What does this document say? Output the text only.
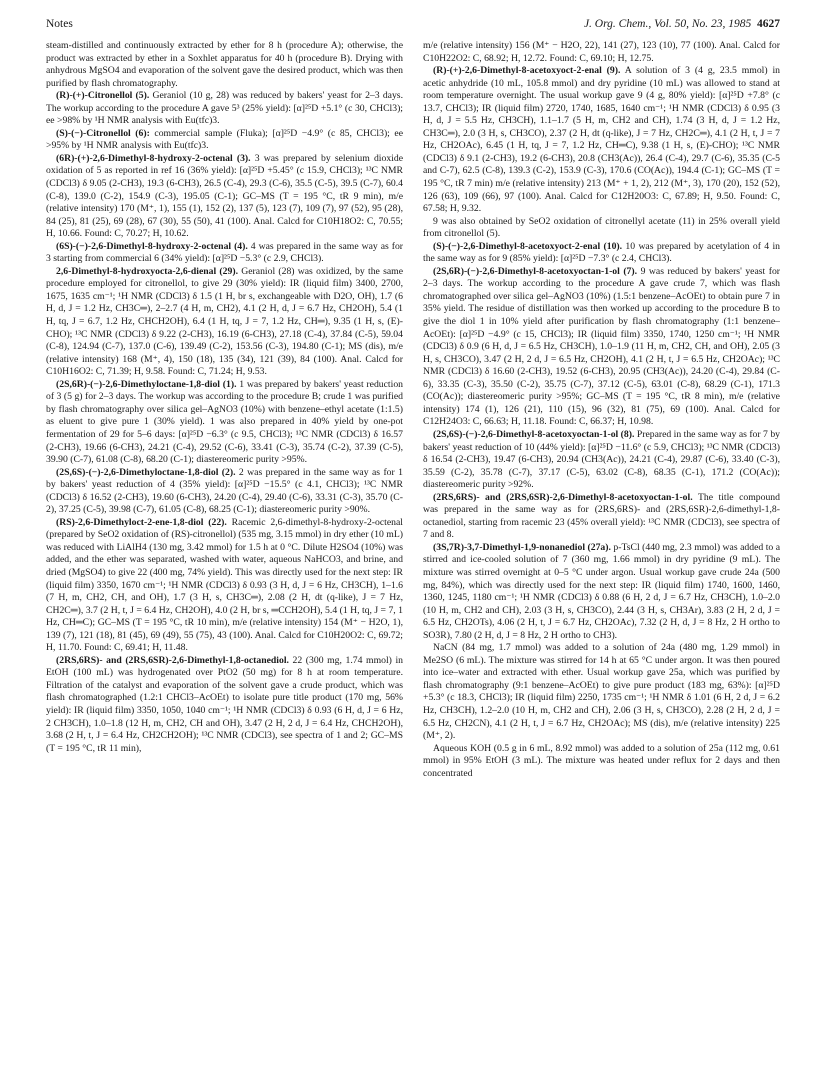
Notes	J. Org. Chem., Vol. 50, No. 23, 1985 4627

steam-distilled and continuously extracted by ether for 8 h (procedure A); otherwise, the product was extracted by ether in a Soxhlet apparatus for 40 h (procedure B). Drying with anhydrous MgSO4 and evaporation of the solvent gave the desired product, which was then purified by flash chromatography.

(R)-(+)-Citronellol (5). Geraniol (10 g, 28) was reduced by bakers' yeast for 2–3 days. The workup according to the procedure A gave 5³ (25% yield): [α]²⁵D +5.1° (c 30, CHCl3); ee >98% by ¹H NMR analysis with Eu(tfc)3.

(S)-(−)-Citronellol (6): commercial sample (Fluka); [α]²⁵D −4.9° (c 85, CHCl3); ee >95% by ¹H NMR analysis with Eu(tfc)3.

(6R)-(+)-2,6-Dimethyl-8-hydroxy-2-octenal (3). 3 was prepared by selenium dioxide oxidation of 5 as reported in ref 16 (36% yield): [α]²⁵D +5.45° (c 15.9, CHCl3); ¹³C NMR (CDCl3) δ 9.05 (2-CH3), 19.3 (6-CH3), 26.5 (C-4), 29.3 (C-6), 35.5 (C-5), 39.5 (C-7), 60.4 (C-8), 139.0 (C-2), 154.9 (C-3), 195.05 (C-1); GC–MS (T = 195 °C, tR 9 min), m/e (relative intensity) 170 (M⁺, 1), 155 (1), 152 (2), 137 (5), 123 (7), 109 (7), 97 (52), 95 (28), 84 (25), 81 (25), 69 (28), 67 (30), 55 (50), 41 (100). Anal. Calcd for C10H18O2: C, 70.55; H, 10.66. Found: C, 70.27; H, 10.62.

(6S)-(−)-2,6-Dimethyl-8-hydroxy-2-octenal (4). 4 was prepared in the same way as for 3 starting from commercial 6 (34% yield): [α]²⁵D −5.3° (c 2.9, CHCl3).

2,6-Dimethyl-8-hydroxyocta-2,6-dienal (29). Geraniol (28) was oxidized, by the same procedure employed for citronellol, to give 29 (30% yield): IR (liquid film) 3400, 2700, 1675, 1635 cm⁻¹; ¹H NMR (CDCl3) δ 1.5 (1 H, br s, exchangeable with D2O, OH), 1.7 (6 H, d, J = 1.2 Hz, CH3C═), 2–2.7 (4 H, m, CH2), 4.1 (2 H, d, J = 6.7 Hz, CH2OH), 5.4 (1 H, tq, J = 6.7, 1.2 Hz, CHCH2OH), 6.4 (1 H, tq, J = 7, 1.2 Hz, CH═), 9.35 (1 H, s, (E)-CHO); ¹³C NMR (CDCl3) δ 9.22 (2-CH3), 16.19 (6-CH3), 27.18 (C-4), 37.84 (C-5), 59.04 (C-8), 124.94 (C-7), 137.0 (C-6), 139.49 (C-2), 153.56 (C-3), 194.80 (C-1); MS (dis), m/e (relative intensity) 168 (M⁺, 4), 150 (18), 135 (34), 121 (39), 84 (100). Anal. Calcd for C10H16O2: C, 71.39; H, 9.58. Found: C, 71.24; H, 9.53.

(2S,6R)-(−)-2,6-Dimethyloctane-1,8-diol (1). 1 was prepared by bakers' yeast reduction of 3 (5 g) for 2–3 days. The workup was according to the procedure B; crude 1 was purified by flash chromatography over silica gel–AgNO3 (10%) with benzene–ethyl acetate (1:1.5) as eluent to give pure 1 (30% yield). 1 was also prepared in 40% yield by one-pot fermentation of 29 for 5–6 days: [α]²⁵D −6.3° (c 9.5, CHCl3); ¹³C NMR (CDCl3) δ 16.57 (2-CH3), 19.66 (6-CH3), 24.21 (C-4), 29.52 (C-6), 33.41 (C-3), 35.74 (C-2), 37.39 (C-5), 39.90 (C-7), 61.08 (C-8), 68.20 (C-1); diastereomeric purity >95%.

(2S,6S)-(−)-2,6-Dimethyloctane-1,8-diol (2). 2 was prepared in the same way as for 1 by bakers' yeast reduction of 4 (35% yield): [α]²⁵D −15.5° (c 4.1, CHCl3); ¹³C NMR (CDCl3) δ 16.52 (2-CH3), 19.60 (6-CH3), 24.20 (C-4), 29.40 (C-6), 33.31 (C-3), 35.70 (C-2), 37.25 (C-5), 39.98 (C-7), 61.05 (C-8), 68.25 (C-1); diastereomeric purity >90%.

(RS)-2,6-Dimethyloct-2-ene-1,8-diol (22). Racemic 2,6-dimethyl-8-hydroxy-2-octenal (prepared by SeO2 oxidation of (RS)-citronellol) (535 mg, 3.15 mmol) in dry ether (10 mL) was reduced with LiAlH4 (130 mg, 3.42 mmol) for 1.5 h at 0 °C. Dilute H2SO4 (10%) was added, and the ether was separated, washed with water, aqueous NaHCO3, and brine, and dried (MgSO4) to give 22 (400 mg, 74% yield). This was directly used for the next step: IR (liquid film) 3350, 1670 cm⁻¹; ¹H NMR (CDCl3) δ 0.93 (3 H, d, J = 6 Hz, CH3CH), 1–1.6 (7 H, m, CH2, CH, and OH), 1.7 (3 H, s, CH3C═), 2.08 (2 H, dt (q-like), J = 7 Hz, CH2C═), 3.7 (2 H, t, J = 6.4 Hz, CH2OH), 4.0 (2 H, br s, ═CCH2OH), 5.4 (1 H, tq, J = 7, 1 Hz, CH═C); GC–MS (T = 195 °C, tR 10 min), m/e (relative intensity) 154 (M⁺ − H2O, 1), 139 (7), 121 (18), 81 (45), 69 (49), 55 (75), 43 (100). Anal. Calcd for C10H20O2: C, 69.72; H, 11.70. Found: C, 69.41; H, 11.48.

(2RS,6RS)- and (2RS,6SR)-2,6-Dimethyl-1,8-octanediol. 22 (300 mg, 1.74 mmol) in EtOH (100 mL) was hydrogenated over PtO2 (50 mg) for 8 h at room temperature. Filtration of the catalyst and evaporation of the solvent gave a crude product, which was flash chromatographed (1.2:1 CHCl3–AcOEt) to isolate pure title product (170 mg, 56% yield): IR (liquid film) 3350, 1050, 1040 cm⁻¹; ¹H NMR (CDCl3) δ 0.93 (6 H, d, J = 6 Hz, 2 CH3CH), 1.0–1.8 (12 H, m, CH2, CH and OH), 3.47 (2 H, 2 d, J = 6.4 Hz, CHCH2OH), 3.68 (2 H, t, J = 6.4 Hz, CH2CH2OH); ¹³C NMR (CDCl3), see spectra of 1 and 2; GC–MS (T = 195 °C, tR 11 min),

m/e (relative intensity) 156 (M⁺ − H2O, 22), 141 (27), 123 (10), 77 (100). Anal. Calcd for C10H22O2: C, 68.92; H, 12.72. Found: C, 69.10; H, 12.75.

(R)-(+)-2,6-Dimethyl-8-acetoxyoct-2-enal (9). A solution of 3 (4 g, 23.5 mmol) in acetic anhydride (10 mL, 105.8 mmol) and dry pyridine (10 mL) was allowed to stand at room temperature overnight. The usual workup gave 9 (4 g, 80% yield): [α]²⁵D +7.8° (c 13.7, CHCl3); IR (liquid film) 2720, 1740, 1685, 1640 cm⁻¹; ¹H NMR (CDCl3) δ 0.95 (3 H, d, J = 5.5 Hz, CH3CH), 1.1–1.7 (5 H, m, CH2 and CH), 1.74 (3 H, d, J = 1.2 Hz, CH3C═), 2.0 (3 H, s, CH3CO), 2.37 (2 H, dt (q-like), J = 7 Hz, CH2C═), 4.1 (2 H, t, J = 7 Hz, CH2OAc), 6.45 (1 H, tq, J = 7, 1.2 Hz, CH═C), 9.38 (1 H, s, (E)-CHO); ¹³C NMR (CDCl3) δ 9.1 (2-CH3), 19.2 (6-CH3), 20.8 (CH3(Ac)), 26.4 (C-4), 29.7 (C-6), 35.35 (C-5 and C-7), 62.5 (C-8), 139.3 (C-2), 153.9 (C-3), 170.6 (CO(Ac)), 194.4 (C-1); GC–MS (T = 195 °C, tR 7 min) m/e (relative intensity) 213 (M⁺ + 1, 2), 212 (M⁺, 3), 170 (20), 152 (52), 126 (63), 109 (66), 97 (100). Anal. Calcd for C12H20O3: C, 67.89; H, 9.50. Found: C, 67.58; H, 9.32.

9 was also obtained by SeO2 oxidation of citronellyl acetate (11) in 25% overall yield from citronellol (5).

(S)-(−)-2,6-Dimethyl-8-acetoxyoct-2-enal (10). 10 was prepared by acetylation of 4 in the same way as for 9 (85% yield): [α]²⁵D −7.3° (c 2.4, CHCl3).

(2S,6R)-(−)-2,6-Dimethyl-8-acetoxyoctan-1-ol (7). 9 was reduced by bakers' yeast for 2–3 days. The workup according to the procedure A gave crude 7, which was flash chromatographed over silica gel–AgNO3 (10%) (1.5:1 benzene–AcOEt) to obtain pure 7 in 35% yield. The residue of distillation was then worked up according to the procedure B to give the diol 1 in 10% yield after purification by flash chromatography (1:1 benzene–AcOEt): [α]²⁵D −4.9° (c 15, CHCl3); IR (liquid film) 3350, 1740, 1250 cm⁻¹; ¹H NMR (CDCl3) δ 0.9 (6 H, d, J = 6.5 Hz, CH3CH), 1.0–1.9 (11 H, m, CH2, CH, and OH), 2.05 (3 H, s, CH3CO), 3.47 (2 H, 2 d, J = 6.5 Hz, CH2OH), 4.1 (2 H, t, J = 6.5 Hz, CH2OAc); ¹³C NMR (CDCl3) δ 16.60 (2-CH3), 19.52 (6-CH3), 20.95 (CH3(Ac)), 24.20 (C-4), 29.84 (C-6), 33.35 (C-3), 35.50 (C-2), 35.75 (C-7), 37.12 (C-5), 63.01 (C-8), 68.29 (C-1), 171.3 (CO(Ac)); diastereomeric purity >95%; GC–MS (T = 195 °C, tR 8 min), m/e (relative intensity) 174 (1), 126 (21), 110 (15), 96 (32), 81 (75), 69 (100). Anal. Calcd for C12H24O3: C, 66.63; H, 11.18. Found: C, 66.37; H, 10.98.

(2S,6S)-(−)-2,6-Dimethyl-8-acetoxyoctan-1-ol (8). Prepared in the same way as for 7 by bakers' yeast reduction of 10 (44% yield): [α]²⁵D −11.6° (c 5.9, CHCl3); ¹³C NMR (CDCl3) δ 16.54 (2-CH3), 19.47 (6-CH3), 20.94 (CH3(Ac)), 24.21 (C-4), 29.87 (C-6), 33.40 (C-3), 35.59 (C-2), 35.78 (C-7), 37.17 (C-5), 63.02 (C-8), 68.35 (C-1), 171.2 (CO(Ac)); diastereomeric purity >92%.

(2RS,6RS)- and (2RS,6SR)-2,6-Dimethyl-8-acetoxyoctan-1-ol. The title compound was prepared in the same way as for (2RS,6RS)- and (2RS,6SR)-2,6-dimethyl-1,8-octanediol, starting from racemic 23 (45% overall yield): ¹³C NMR (CDCl3), see spectra of 7 and 8.

(3S,7R)-3,7-Dimethyl-1,9-nonanediol (27a). p-TsCl (440 mg, 2.3 mmol) was added to a stirred and ice-cooled solution of 7 (360 mg, 1.66 mmol) in dry pyridine (9 mL). The mixture was stirred overnight at 0–5 °C under argon. Usual workup gave crude 24a (500 mg, 84%), which was directly used for the next step: IR (liquid film) 1740, 1600, 1460, 1360, 1245, 1180 cm⁻¹; ¹H NMR (CDCl3) δ 0.88 (6 H, 2 d, J = 6.7 Hz, CH3CH), 1.0–2.0 (10 H, m, CH2 and CH), 2.03 (3 H, s, CH3CO), 2.44 (3 H, s, CH3Ar), 3.83 (2 H, 2 d, J = 6.5 Hz, CH2OTs), 4.06 (2 H, t, J = 6.7 Hz, CH2OAc), 7.32 (2 H, d, J = 8 Hz, 2 H ortho to SO3R), 7.80 (2 H, d, J = 8 Hz, 2 H ortho to CH3).

NaCN (84 mg, 1.7 mmol) was added to a solution of 24a (480 mg, 1.29 mmol) in Me2SO (6 mL). The mixture was stirred for 14 h at 65 °C under argon. It was then poured into ice–water and extracted with ether. Usual workup gave 25a, which was purified by flash chromatography (9:1 benzene–AcOEt) to give pure product (183 mg, 63%): [α]²⁵D +5.3° (c 18.3, CHCl3); IR (liquid film) 2250, 1735 cm⁻¹; ¹H NMR δ 1.01 (6 H, 2 d, J = 6.2 Hz, CH3CH), 1.2–2.0 (10 H, m, CH2 and CH), 2.06 (3 H, s, CH3CO), 2.28 (2 H, 2 d, J = 6.5 Hz, CH2CN), 4.1 (2 H, t, J = 6.7 Hz, CH2OAc); MS (dis), m/e (relative intensity) 225 (M⁺, 2).

Aqueous KOH (0.5 g in 6 mL, 8.92 mmol) was added to a solution of 25a (112 mg, 0.61 mmol) in 95% EtOH (3 mL). The mixture was heated under reflux for 2 days and then concentrated
